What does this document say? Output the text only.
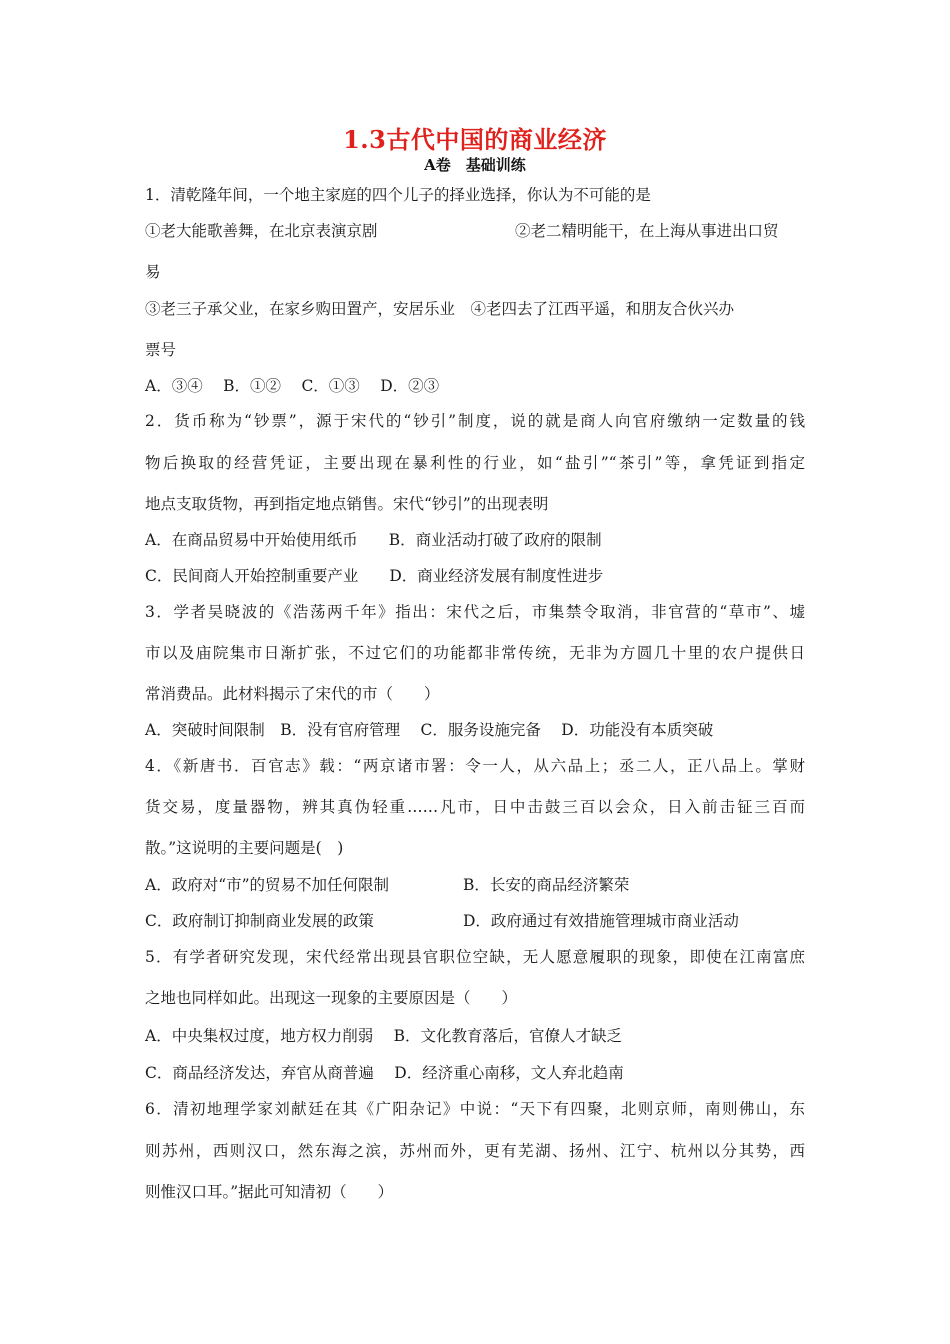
1.3古代中国的商业经济
A卷　基础训练
1．清乾隆年间，一个地主家庭的四个儿子的择业选择，你认为不可能的是
①老大能歌善舞，在北京表演京剧	②老二精明能干，在上海从事进出口贸
易
③老三子承父业，在家乡购田置产，安居乐业　④老四去了江西平遥，和朋友合伙兴办
票号
A．③④　 B．①②　 C．①③　 D．②③
2．货币称为“钞票”，源于宋代的“钞引”制度，说的就是商人向官府缴纳一定数量的钱
物后换取的经营凭证，主要出现在暴利性的行业，如“盐引”“茶引”等，拿凭证到指定
地点支取货物，再到指定地点销售。宋代“钞引”的出现表明
A．在商品贸易中开始使用纸币　　B．商业活动打破了政府的限制
C．民间商人开始控制重要产业　　D．商业经济发展有制度性进步
3．学者吴晓波的《浩荡两千年》指出：宋代之后，市集禁令取消，非官营的“草市”、墟
市以及庙院集市日渐扩张，不过它们的功能都非常传统，无非为方圆几十里的农户提供日
常消费品。此材料揭示了宋代的市（　　）
A．突破时间限制　B．没有官府管理　 C．服务设施完备　 D．功能没有本质突破
4．《新唐书．百官志》载：“两京诸市署：令一人，从六品上；丞二人，正八品上。掌财
货交易，度量器物，辨其真伪轻重……凡市，日中击鼓三百以会众，日入前击钲三百而
散。”这说明的主要问题是(　)
A．政府对“市”的贸易不加任何限制	B．长安的商品经济繁荣
C．政府制订抑制商业发展的政策	D．政府通过有效措施管理城市商业活动
5．有学者研究发现，宋代经常出现县官职位空缺，无人愿意履职的现象，即使在江南富庶
之地也同样如此。出现这一现象的主要原因是（　　）
A．中央集权过度，地方权力削弱　 B．文化教育落后，官僚人才缺乏
C．商品经济发达，弃官从商普遍　 D．经济重心南移，文人弃北趋南
6．清初地理学家刘献廷在其《广阳杂记》中说：“天下有四聚，北则京师，南则佛山，东
则苏州，西则汉口，然东海之滨，苏州而外，更有芜湖、扬州、江宁、杭州以分其势，西
则惟汉口耳。”据此可知清初（　　）
